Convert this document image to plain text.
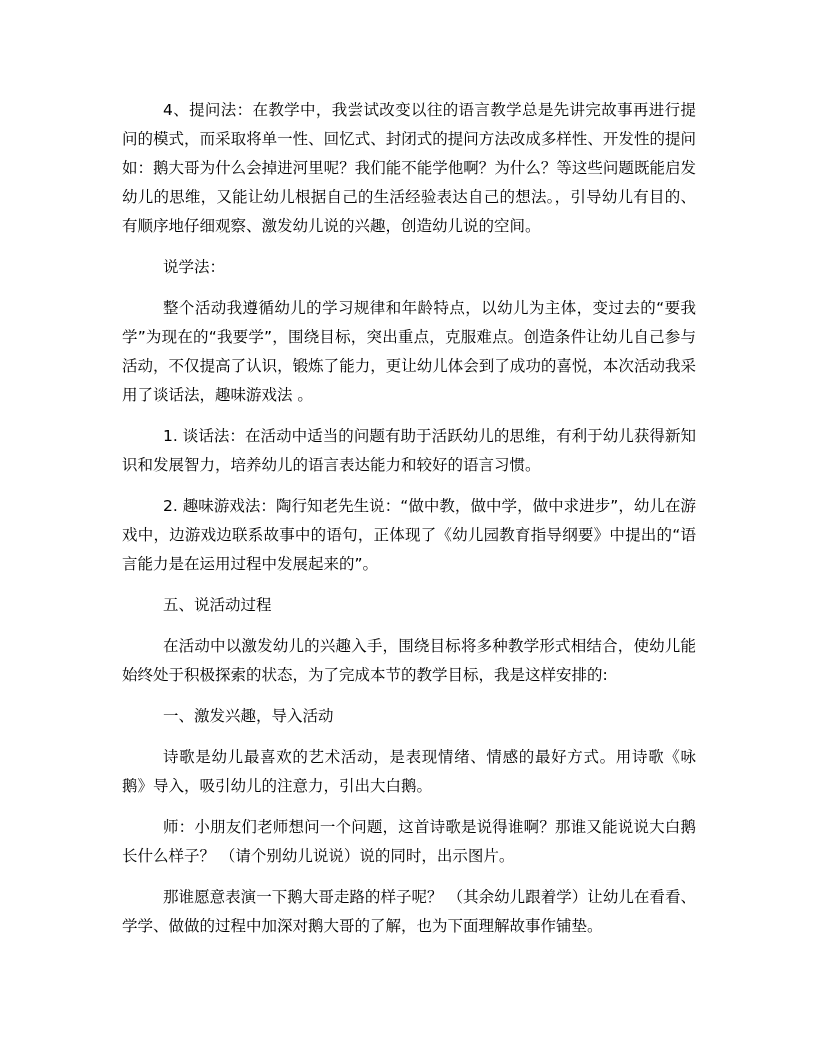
4、提问法：在教学中，我尝试改变以往的语言教学总是先讲完故事再进行提问的模式，而采取将单一性、回忆式、封闭式的提问方法改成多样性、开发性的提问如：鹅大哥为什么会掉进河里呢？我们能不能学他啊？为什么？等这些问题既能启发幼儿的思维，又能让幼儿根据自己的生活经验表达自己的想法。，引导幼儿有目的、有顺序地仔细观察、激发幼儿说的兴趣，创造幼儿说的空间。

说学法：

整个活动我遵循幼儿的学习规律和年龄特点，以幼儿为主体，变过去的“要我学”为现在的“我要学”，围绕目标，突出重点，克服难点。创造条件让幼儿自己参与活动，不仅提高了认识，锻炼了能力，更让幼儿体会到了成功的喜悦，本次活动我采用了谈话法，趣味游戏法 。

1. 谈话法：在活动中适当的问题有助于活跃幼儿的思维，有利于幼儿获得新知识和发展智力，培养幼儿的语言表达能力和较好的语言习惯。

2. 趣味游戏法：陶行知老先生说：“做中教，做中学，做中求进步”，幼儿在游戏中，边游戏边联系故事中的语句，正体现了《幼儿园教育指导纲要》中提出的“语言能力是在运用过程中发展起来的”。

五、说活动过程

在活动中以激发幼儿的兴趣入手，围绕目标将多种教学形式相结合，使幼儿能始终处于积极探索的状态，为了完成本节的教学目标，我是这样安排的:

一、激发兴趣，导入活动

诗歌是幼儿最喜欢的艺术活动，是表现情绪、情感的最好方式。用诗歌《咏鹅》导入，吸引幼儿的注意力，引出大白鹅。

师：小朋友们老师想问一个问题，这首诗歌是说得谁啊？那谁又能说说大白鹅长什么样子？ （请个别幼儿说说）说的同时，出示图片。

那谁愿意表演一下鹅大哥走路的样子呢？ （其余幼儿跟着学）让幼儿在看看、学学、做做的过程中加深对鹅大哥的了解，也为下面理解故事作铺垫。
